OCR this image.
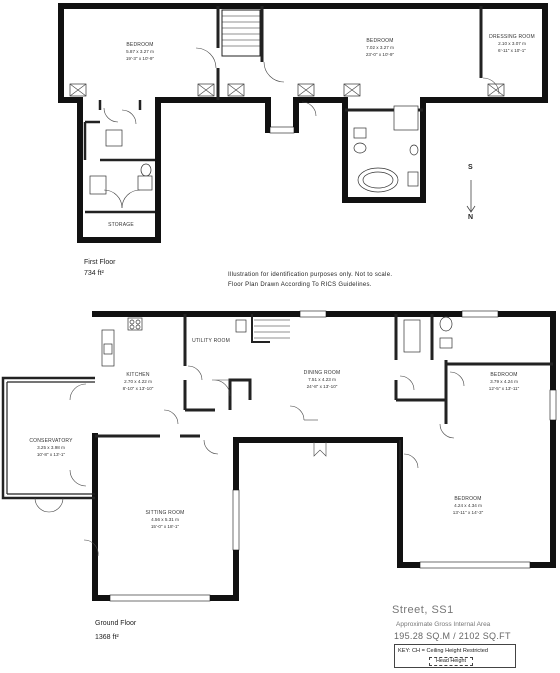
BEDROOM
5.87 x 3.27 m
19'-3" x 10'-9"
BEDROOM
7.02 x 3.27 m
23'-0" x 10'-9"
DRESSING ROOM
2.10 x 3.07 m
6'-11" x 10'-1"
STORAGE
KITCHEN
2.70 x 4.22 m
8'-10" x 13'-10"
UTILITY ROOM
DINING ROOM
7.51 x 4.23 m
24'-8" x 13'-10"
BEDROOM
3.79 x 4.24 m
12'-5" x 13'-11"
CONSERVATORY
3.25 x 3.98 m
10'-8" x 13'-1"
SITTING ROOM
4.56 x 5.31 m
15'-0" x 18'-1"
BEDROOM
4.24 x 4.34 m
13'-11" x 14'-3"
First Floor
734 ft²
Ground Floor
1368 ft²
Illustration for identification purposes only. Not to scale.
Floor Plan Drawn According To RICS Guidelines.
S
N
Street, SS1
Approximate Gross Internal Area
195.28 SQ.M / 2102 SQ.FT
KEY: CH = Ceiling Height Restricted
Head Height
